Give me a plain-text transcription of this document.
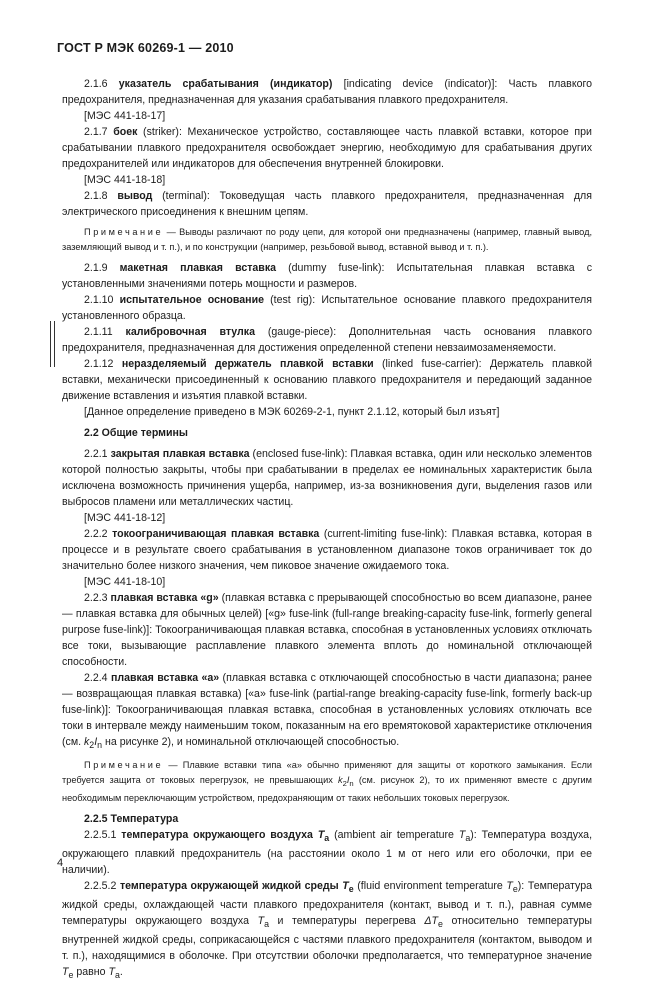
ГОСТ Р МЭК 60269-1 — 2010

2.1.6 указатель срабатывания (индикатор) [indicating device (indicator)]: Часть плавкого предохранителя, предназначенная для указания срабатывания плавкого предохранителя.

[МЭС 441-18-17]

2.1.7 боек (striker): Механическое устройство, составляющее часть плавкой вставки, которое при срабатывании плавкого предохранителя освобождает энергию, необходимую для срабатывания других предохранителей или индикаторов для обеспечения внутренней блокировки.

[МЭС 441-18-18]

2.1.8 вывод (terminal): Токоведущая часть плавкого предохранителя, предназначенная для электрического присоединения к внешним цепям.

Примечание — Выводы различают по роду цепи, для которой они предназначены (например, главный вывод, заземляющий вывод и т. п.), и по конструкции (например, резьбовой вывод, вставной вывод и т. п.).

2.1.9 макетная плавкая вставка (dummy fuse-link): Испытательная плавкая вставка с установленными значениями потерь мощности и размеров.

2.1.10 испытательное основание (test rig): Испытательное основание плавкого предохранителя установленного образца.

2.1.11 калибровочная втулка (gauge-piece): Дополнительная часть основания плавкого предохранителя, предназначенная для достижения определенной степени невзаимозаменяемости.

2.1.12 неразделяемый держатель плавкой вставки (linked fuse-carrier): Держатель плавкой вставки, механически присоединенный к основанию плавкого предохранителя и передающий заданное движение вставления и изъятия плавкой вставки.

[Данное определение приведено в МЭК 60269-2-1, пункт 2.1.12, который был изъят]

2.2 Общие термины

2.2.1 закрытая плавкая вставка (enclosed fuse-link): Плавкая вставка, один или несколько элементов которой полностью закрыты, чтобы при срабатывании в пределах ее номинальных характеристик была исключена возможность причинения ущерба, например, из-за возникновения дуги, выделения газов или выбросов пламени или металлических частиц.

[МЭС 441-18-12]

2.2.2 токоограничивающая плавкая вставка (current-limiting fuse-link): Плавкая вставка, которая в процессе и в результате своего срабатывания в установленном диапазоне токов ограничивает ток до значительно более низкого значения, чем пиковое значение ожидаемого тока.

[МЭС 441-18-10]

2.2.3 плавкая вставка «g» (плавкая вставка с прерывающей способностью во всем диапазоне, ранее — плавкая вставка для обычных целей) [«g» fuse-link (full-range breaking-capacity fuse-link, formerly general purpose fuse-link)]: Токоограничивающая плавкая вставка, способная в установленных условиях отключать все токи, вызывающие расплавление плавкого элемента вплоть до номинальной отключающей способности.

2.2.4 плавкая вставка «a» (плавкая вставка с отключающей способностью в части диапазона; ранее — возвращающая плавкая вставка) [«a» fuse-link (partial-range breaking-capacity fuse-link, formerly back-up fuse-link)]: Токоограничивающая плавкая вставка, способная в установленных условиях отключать все токи в интервале между наименьшим током, показанным на его времятоковой характеристике отключения (см. $k_2I_n$ на рисунке 2), и номинальной отключающей способностью.

Примечание — Плавкие вставки типа «a» обычно применяют для защиты от короткого замыкания. Если требуется защита от токовых перегрузок, не превышающих $k_2I_n$ (см. рисунок 2), то их применяют вместе с другим необходимым переключающим устройством, предохраняющим от таких небольших токовых перегрузок.

2.2.5 Температура

2.2.5.1 температура окружающего воздуха $T_a$ (ambient air temperature $T_a$): Температура воздуха, окружающего плавкий предохранитель (на расстоянии около 1 м от него или его оболочки, при ее наличии).

2.2.5.2 температура окружающей жидкой среды $T_e$ (fluid environment temperature $T_e$): Температура жидкой среды, охлаждающей части плавкого предохранителя (контакт, вывод и т. п.), равная сумме температуры окружающего воздуха $T_a$ и температуры перегрева $\Delta T_e$ относительно температуры внутренней жидкой среды, соприкасающейся с частями плавкого предохранителя (контактом, выводом и т. п.), находящимися в оболочке. При отсутствии оболочки предполагается, что температурное значение $T_e$ равно $T_a$.

4
